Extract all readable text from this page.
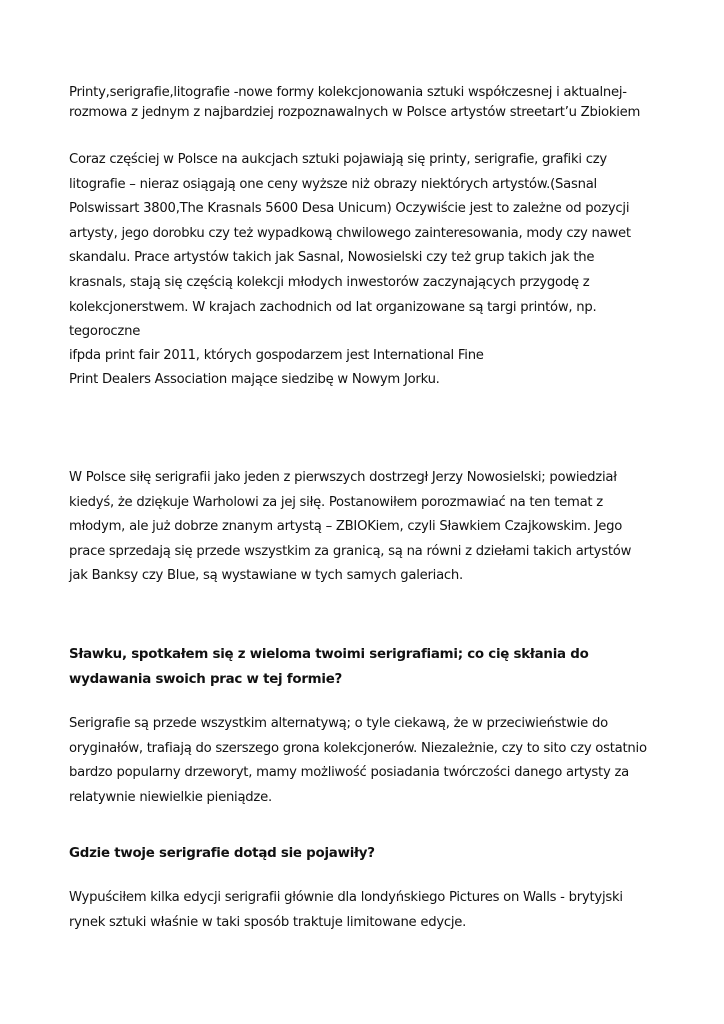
Printy,serigrafie,litografie -nowe formy kolekcjonowania sztuki współczesnej i aktualnej-
rozmowa z jednym z najbardziej rozpoznawalnych w Polsce artystów streetart’u Zbiokiem

Coraz częściej w Polsce na aukcjach sztuki pojawiają się printy, serigrafie, grafiki czy
litografie – nieraz osiągają one ceny wyższe niż obrazy niektórych artystów.(Sasnal
Polswissart 3800,The Krasnals 5600 Desa Unicum) Oczywiście jest to zależne od pozycji
artysty, jego dorobku czy też wypadkową chwilowego zainteresowania, mody czy nawet
skandalu. Prace artystów takich jak Sasnal, Nowosielski czy też grup takich jak the
krasnals, stają się częścią kolekcji młodych inwestorów zaczynających przygodę z
kolekcjonerstwem. W krajach zachodnich od lat organizowane są targi printów, np.
tegoroczne
ifpda print fair 2011, których gospodarzem jest International Fine
Print Dealers Association mające siedzibę w Nowym Jorku.

W Polsce siłę serigrafii jako jeden z pierwszych dostrzegł Jerzy Nowosielski; powiedział
kiedyś, że dziękuje Warholowi za jej siłę. Postanowiłem porozmawiać na ten temat z
młodym, ale już dobrze znanym artystą – ZBIOKiem, czyli Sławkiem Czajkowskim. Jego
prace sprzedają się przede wszystkim za granicą, są na równi z dziełami takich artystów
jak Banksy czy Blue, są wystawiane w tych samych galeriach.

Sławku, spotkałem się z wieloma twoimi serigrafiami; co cię skłania do
wydawania swoich prac w tej formie?

Serigrafie są przede wszystkim alternatywą; o tyle ciekawą, że w przeciwieństwie do
oryginałów, trafiają do szerszego grona kolekcjonerów. Niezależnie, czy to sito czy ostatnio
bardzo popularny drzeworyt, mamy możliwość posiadania twórczości danego artysty za
relatywnie niewielkie pieniądze.

Gdzie twoje serigrafie dotąd sie pojawiły?

Wypuściłem kilka edycji serigrafii głównie dla londyńskiego Pictures on Walls - brytyjski
rynek sztuki właśnie w taki sposób traktuje limitowane edycje.
